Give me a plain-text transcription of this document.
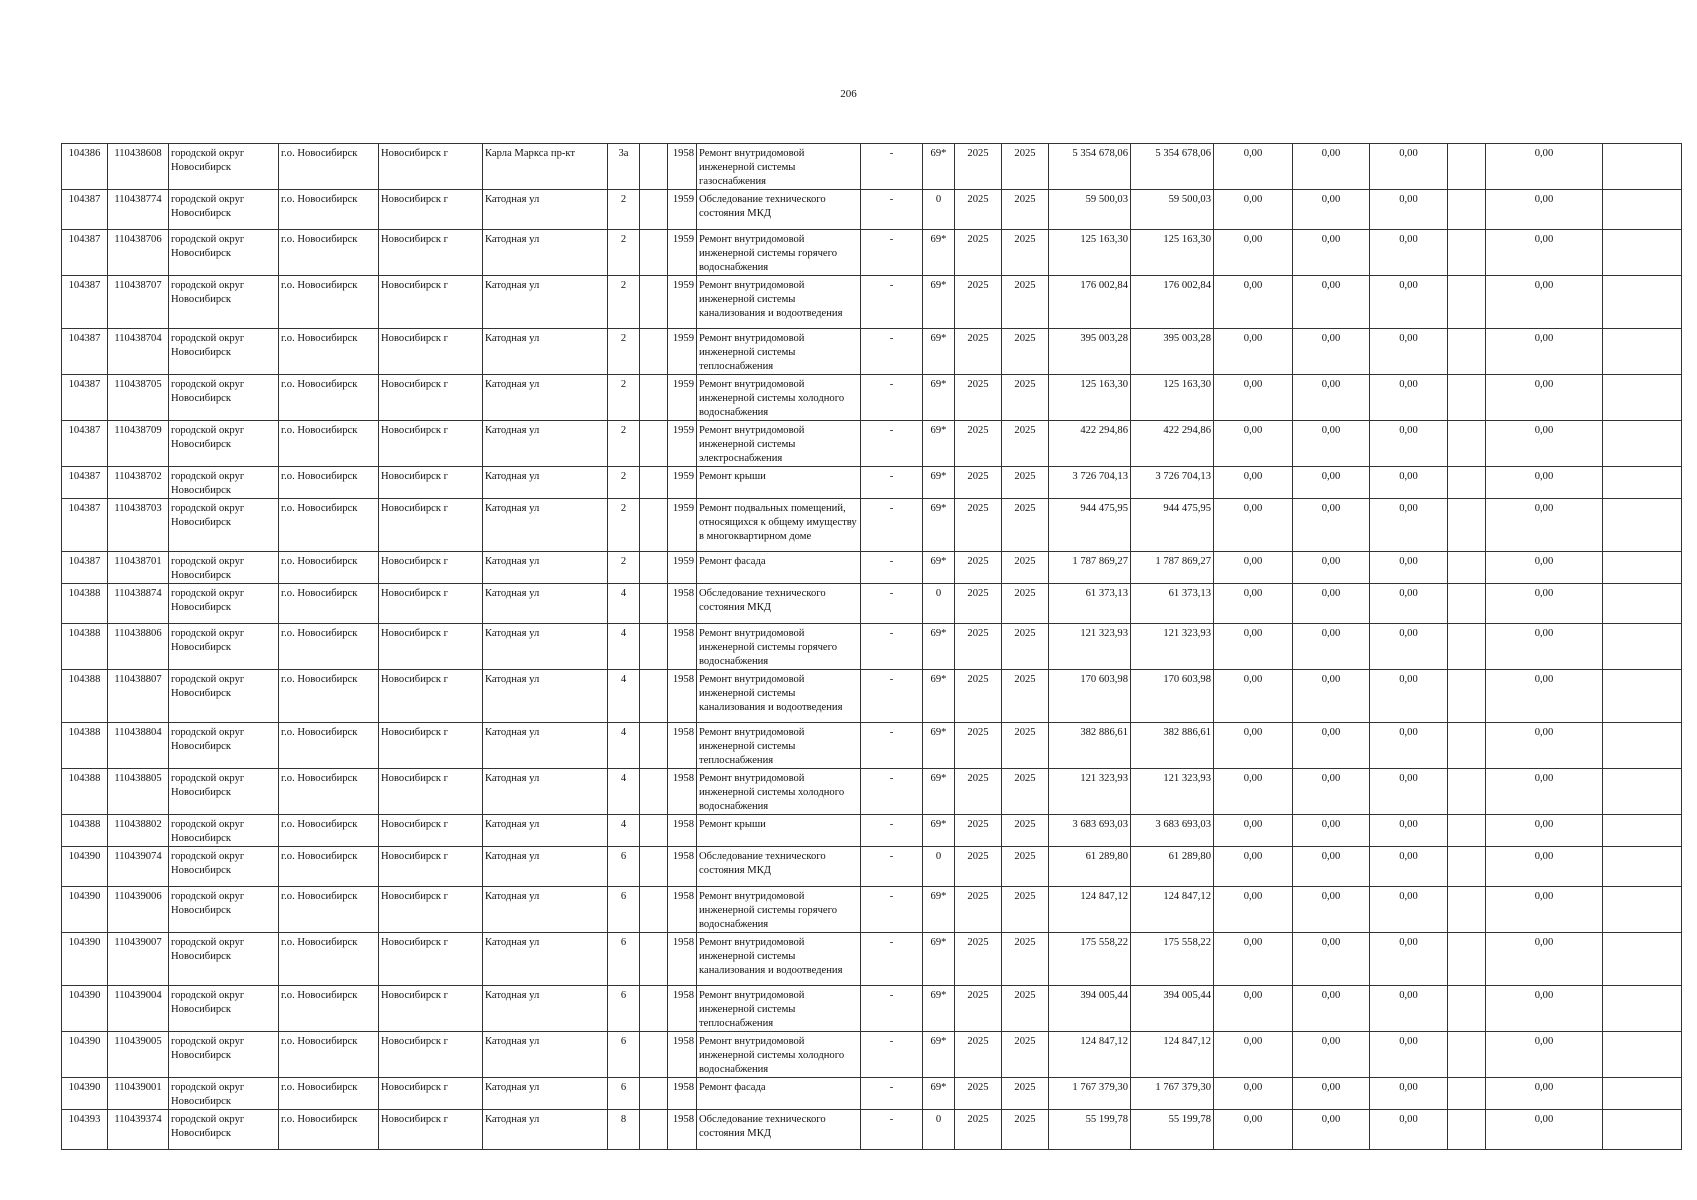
206
104386	110438608	городской округ Новосибирск	г.о. Новосибирск	Новосибирск г	Карла Маркса пр-кт	3а		1958	Ремонт внутридомовой инженерной системы газоснабжения	-	69*	2025	2025	5 354 678,06	5 354 678,06	0,00	0,00	0,00		0,00	
104387	110438774	городской округ Новосибирск	г.о. Новосибирск	Новосибирск г	Катодная ул	2		1959	Обследование технического состояния МКД	-	0	2025	2025	59 500,03	59 500,03	0,00	0,00	0,00		0,00	
104387	110438706	городской округ Новосибирск	г.о. Новосибирск	Новосибирск г	Катодная ул	2		1959	Ремонт внутридомовой инженерной системы горячего водоснабжения	-	69*	2025	2025	125 163,30	125 163,30	0,00	0,00	0,00		0,00	
104387	110438707	городской округ Новосибирск	г.о. Новосибирск	Новосибирск г	Катодная ул	2		1959	Ремонт внутридомовой инженерной системы канализования и водоотведения	-	69*	2025	2025	176 002,84	176 002,84	0,00	0,00	0,00		0,00	
104387	110438704	городской округ Новосибирск	г.о. Новосибирск	Новосибирск г	Катодная ул	2		1959	Ремонт внутридомовой инженерной системы теплоснабжения	-	69*	2025	2025	395 003,28	395 003,28	0,00	0,00	0,00		0,00	
104387	110438705	городской округ Новосибирск	г.о. Новосибирск	Новосибирск г	Катодная ул	2		1959	Ремонт внутридомовой инженерной системы холодного водоснабжения	-	69*	2025	2025	125 163,30	125 163,30	0,00	0,00	0,00		0,00	
104387	110438709	городской округ Новосибирск	г.о. Новосибирск	Новосибирск г	Катодная ул	2		1959	Ремонт внутридомовой инженерной системы электроснабжения	-	69*	2025	2025	422 294,86	422 294,86	0,00	0,00	0,00		0,00	
104387	110438702	городской округ Новосибирск	г.о. Новосибирск	Новосибирск г	Катодная ул	2		1959	Ремонт крыши	-	69*	2025	2025	3 726 704,13	3 726 704,13	0,00	0,00	0,00		0,00	
104387	110438703	городской округ Новосибирск	г.о. Новосибирск	Новосибирск г	Катодная ул	2		1959	Ремонт подвальных помещений, относящихся к общему имуществу в многоквартирном доме	-	69*	2025	2025	944 475,95	944 475,95	0,00	0,00	0,00		0,00	
104387	110438701	городской округ Новосибирск	г.о. Новосибирск	Новосибирск г	Катодная ул	2		1959	Ремонт фасада	-	69*	2025	2025	1 787 869,27	1 787 869,27	0,00	0,00	0,00		0,00	
104388	110438874	городской округ Новосибирск	г.о. Новосибирск	Новосибирск г	Катодная ул	4		1958	Обследование технического состояния МКД	-	0	2025	2025	61 373,13	61 373,13	0,00	0,00	0,00		0,00	
104388	110438806	городской округ Новосибирск	г.о. Новосибирск	Новосибирск г	Катодная ул	4		1958	Ремонт внутридомовой инженерной системы горячего водоснабжения	-	69*	2025	2025	121 323,93	121 323,93	0,00	0,00	0,00		0,00	
104388	110438807	городской округ Новосибирск	г.о. Новосибирск	Новосибирск г	Катодная ул	4		1958	Ремонт внутридомовой инженерной системы канализования и водоотведения	-	69*	2025	2025	170 603,98	170 603,98	0,00	0,00	0,00		0,00	
104388	110438804	городской округ Новосибирск	г.о. Новосибирск	Новосибирск г	Катодная ул	4		1958	Ремонт внутридомовой инженерной системы теплоснабжения	-	69*	2025	2025	382 886,61	382 886,61	0,00	0,00	0,00		0,00	
104388	110438805	городской округ Новосибирск	г.о. Новосибирск	Новосибирск г	Катодная ул	4		1958	Ремонт внутридомовой инженерной системы холодного водоснабжения	-	69*	2025	2025	121 323,93	121 323,93	0,00	0,00	0,00		0,00	
104388	110438802	городской округ Новосибирск	г.о. Новосибирск	Новосибирск г	Катодная ул	4		1958	Ремонт крыши	-	69*	2025	2025	3 683 693,03	3 683 693,03	0,00	0,00	0,00		0,00	
104390	110439074	городской округ Новосибирск	г.о. Новосибирск	Новосибирск г	Катодная ул	6		1958	Обследование технического состояния МКД	-	0	2025	2025	61 289,80	61 289,80	0,00	0,00	0,00		0,00	
104390	110439006	городской округ Новосибирск	г.о. Новосибирск	Новосибирск г	Катодная ул	6		1958	Ремонт внутридомовой инженерной системы горячего водоснабжения	-	69*	2025	2025	124 847,12	124 847,12	0,00	0,00	0,00		0,00	
104390	110439007	городской округ Новосибирск	г.о. Новосибирск	Новосибирск г	Катодная ул	6		1958	Ремонт внутридомовой инженерной системы канализования и водоотведения	-	69*	2025	2025	175 558,22	175 558,22	0,00	0,00	0,00		0,00	
104390	110439004	городской округ Новосибирск	г.о. Новосибирск	Новосибирск г	Катодная ул	6		1958	Ремонт внутридомовой инженерной системы теплоснабжения	-	69*	2025	2025	394 005,44	394 005,44	0,00	0,00	0,00		0,00	
104390	110439005	городской округ Новосибирск	г.о. Новосибирск	Новосибирск г	Катодная ул	6		1958	Ремонт внутридомовой инженерной системы холодного водоснабжения	-	69*	2025	2025	124 847,12	124 847,12	0,00	0,00	0,00		0,00	
104390	110439001	городской округ Новосибирск	г.о. Новосибирск	Новосибирск г	Катодная ул	6		1958	Ремонт фасада	-	69*	2025	2025	1 767 379,30	1 767 379,30	0,00	0,00	0,00		0,00	
104393	110439374	городской округ Новосибирск	г.о. Новосибирск	Новосибирск г	Катодная ул	8		1958	Обследование технического состояния МКД	-	0	2025	2025	55 199,78	55 199,78	0,00	0,00	0,00		0,00	
